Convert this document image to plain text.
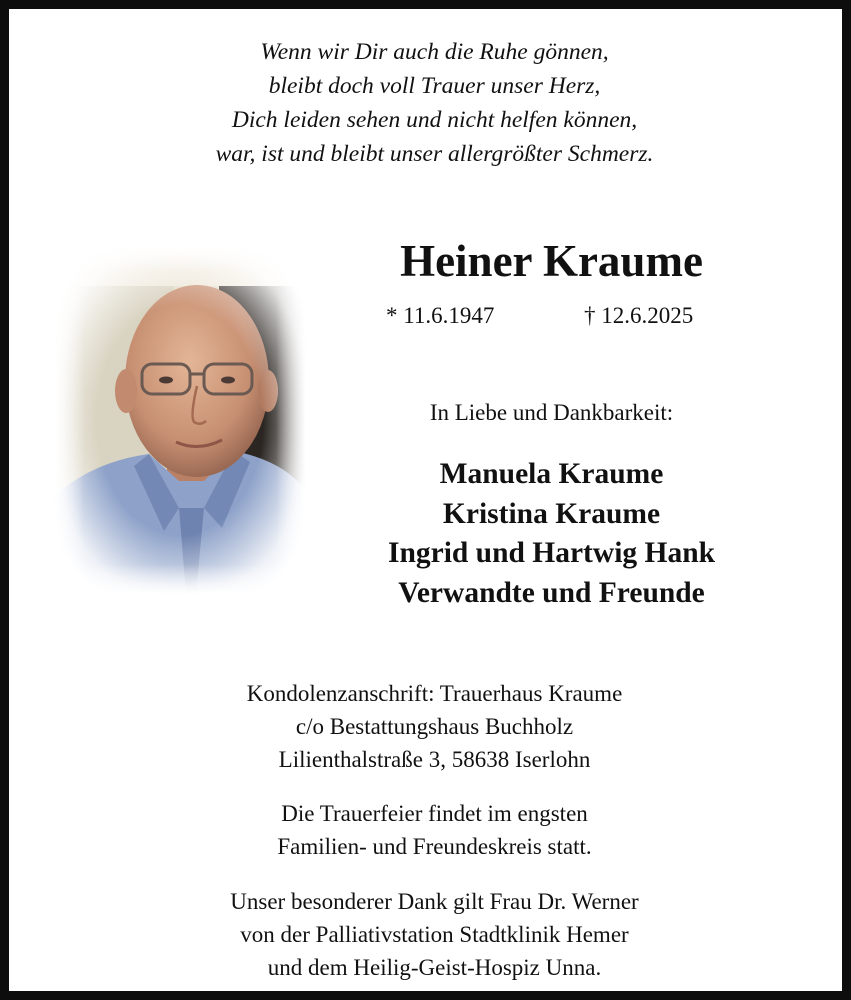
Wenn wir Dir auch die Ruhe gönnen,
bleibt doch voll Trauer unser Herz,
Dich leiden sehen und nicht helfen können,
war, ist und bleibt unser allergrößter Schmerz.
Heiner Kraume
* 11.6.1947	† 12.6.2025
In Liebe und Dankbarkeit:
Manuela Kraume
Kristina Kraume
Ingrid und Hartwig Hank
Verwandte und Freunde
Kondolenzanschrift: Trauerhaus Kraume
c/o Bestattungshaus Buchholz
Lilienthalstraße 3, 58638 Iserlohn
Die Trauerfeier findet im engsten
Familien- und Freundeskreis statt.
Unser besonderer Dank gilt Frau Dr. Werner
von der Palliativstation Stadtklinik Hemer
und dem Heilig-Geist-Hospiz Unna.
